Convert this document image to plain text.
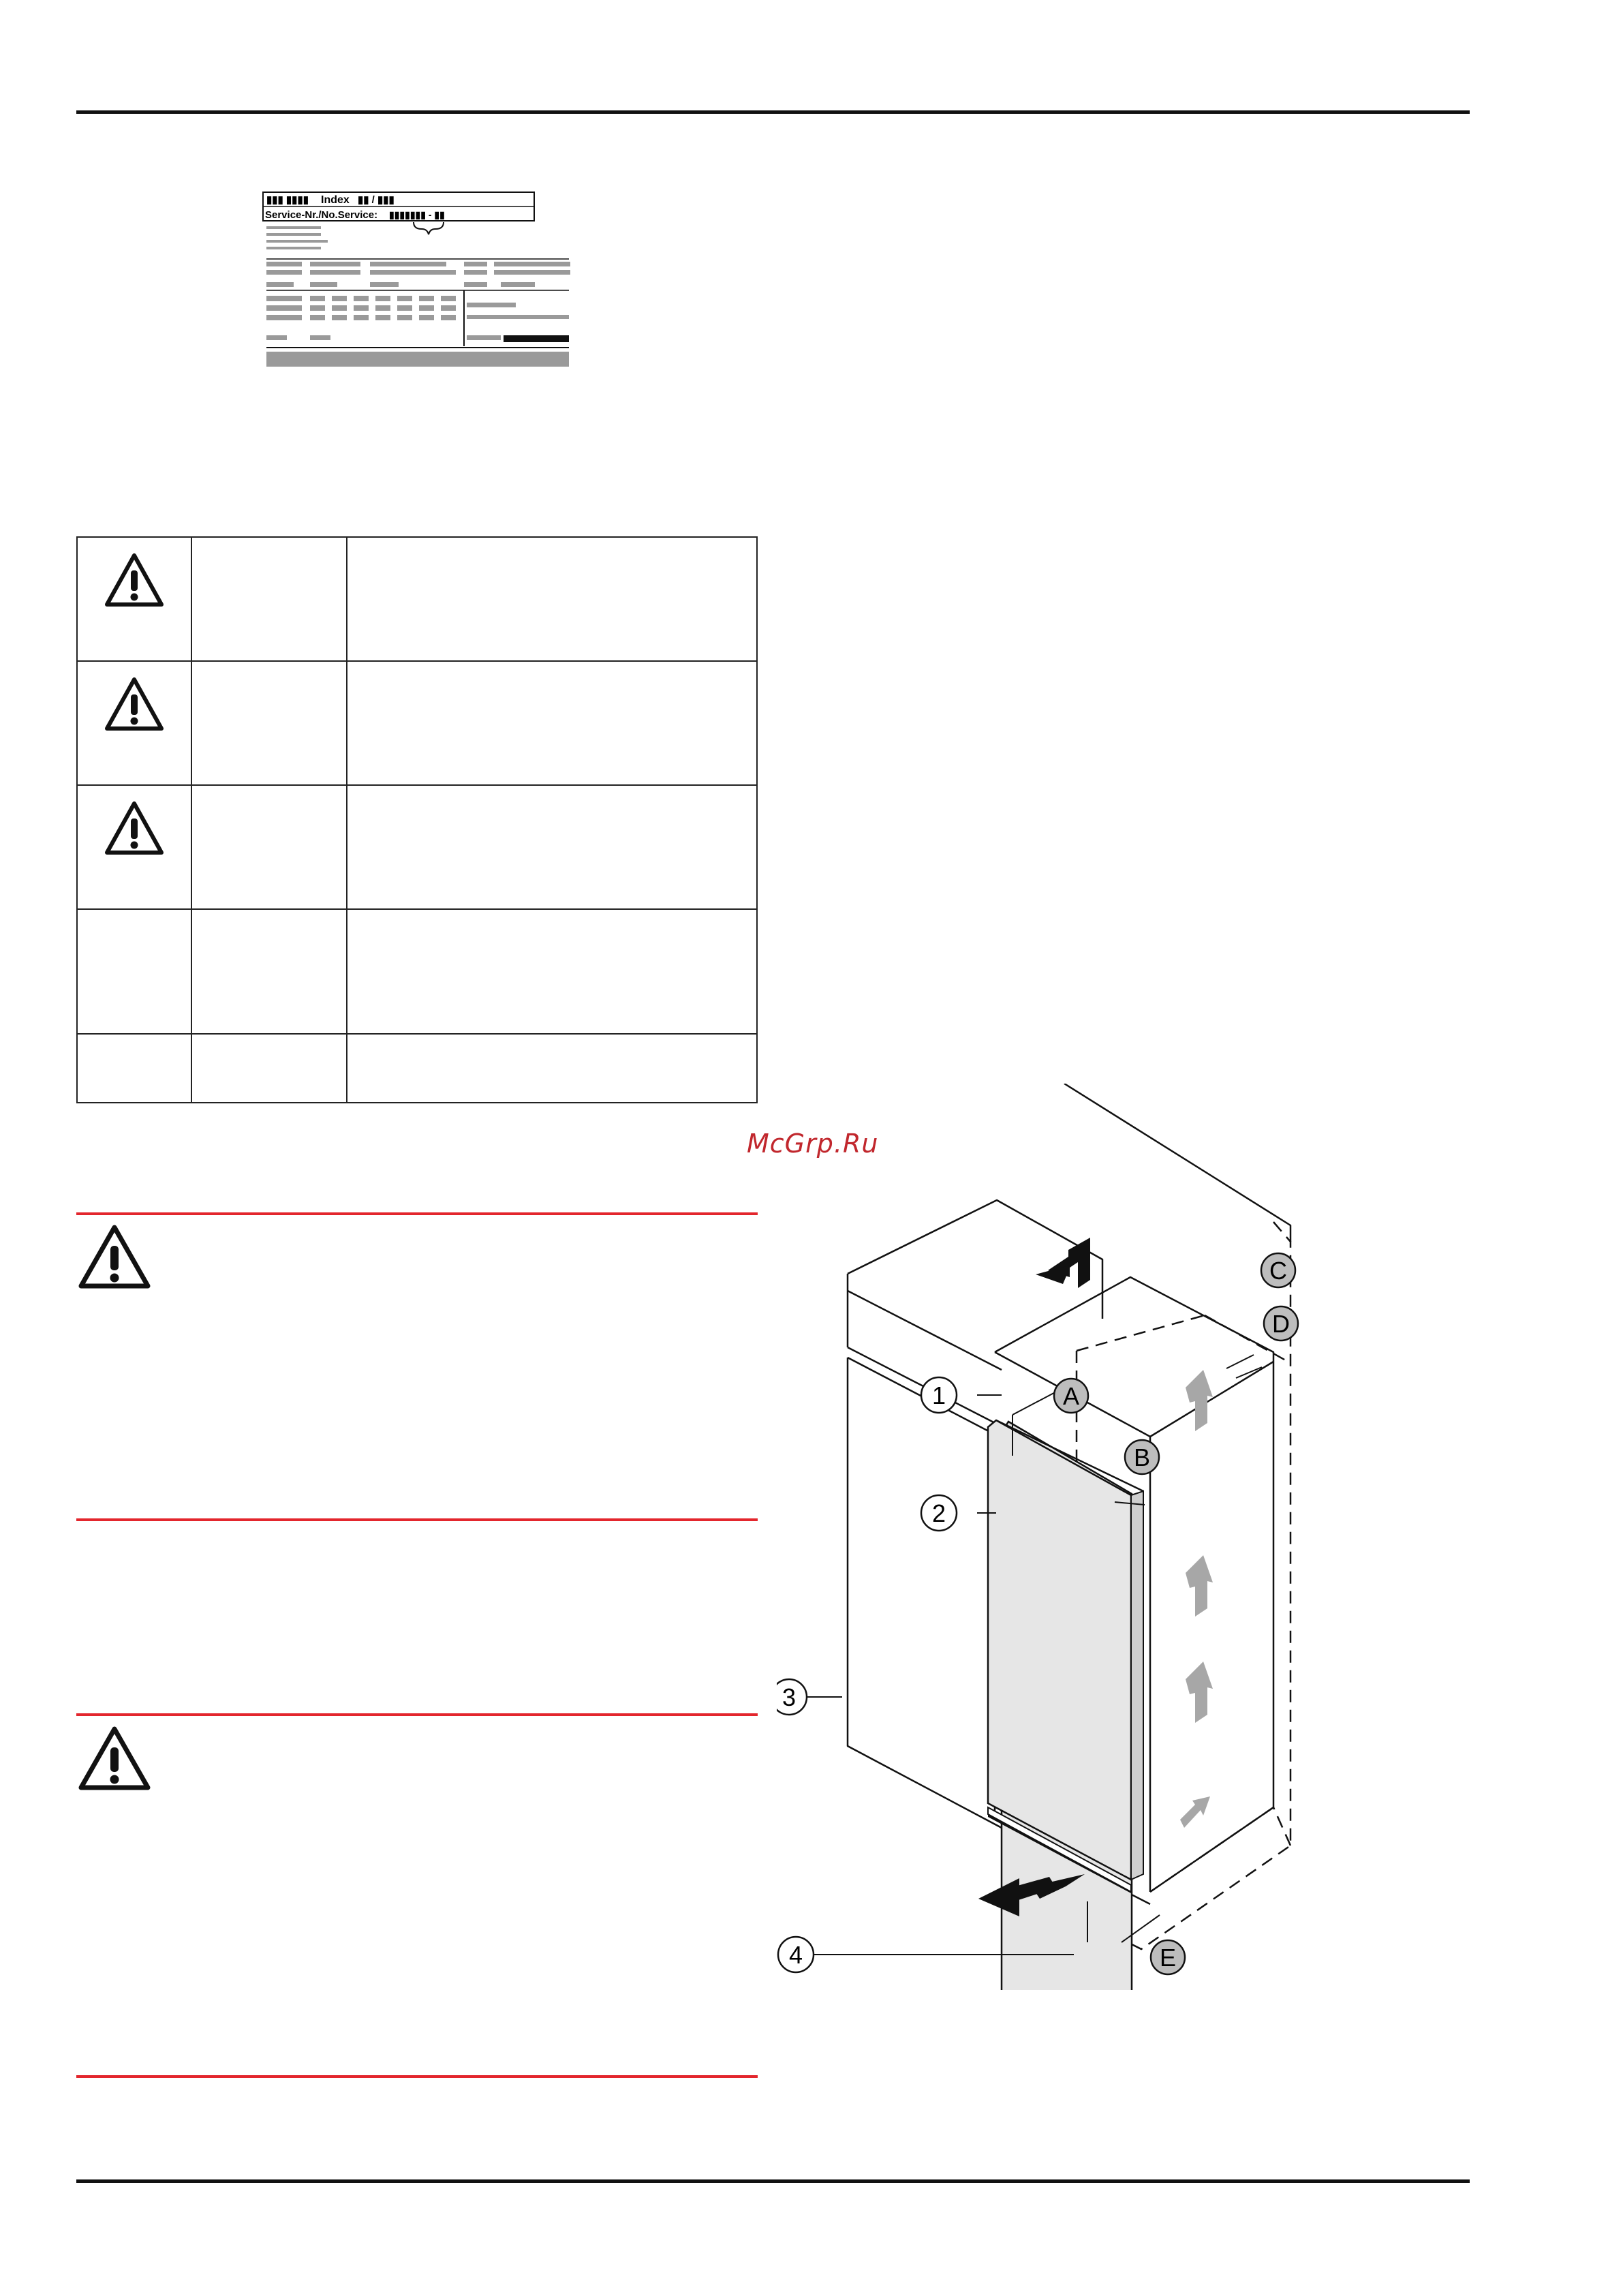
▮▮▮ ▮▮▮▮ Index ▮▮ / ▮▮▮
Service-Nr./No.Service: ▮▮▮▮▮▮▮ - ▮▮

McGrp.Ru
1
2
3
4
A
B
C
D
E
